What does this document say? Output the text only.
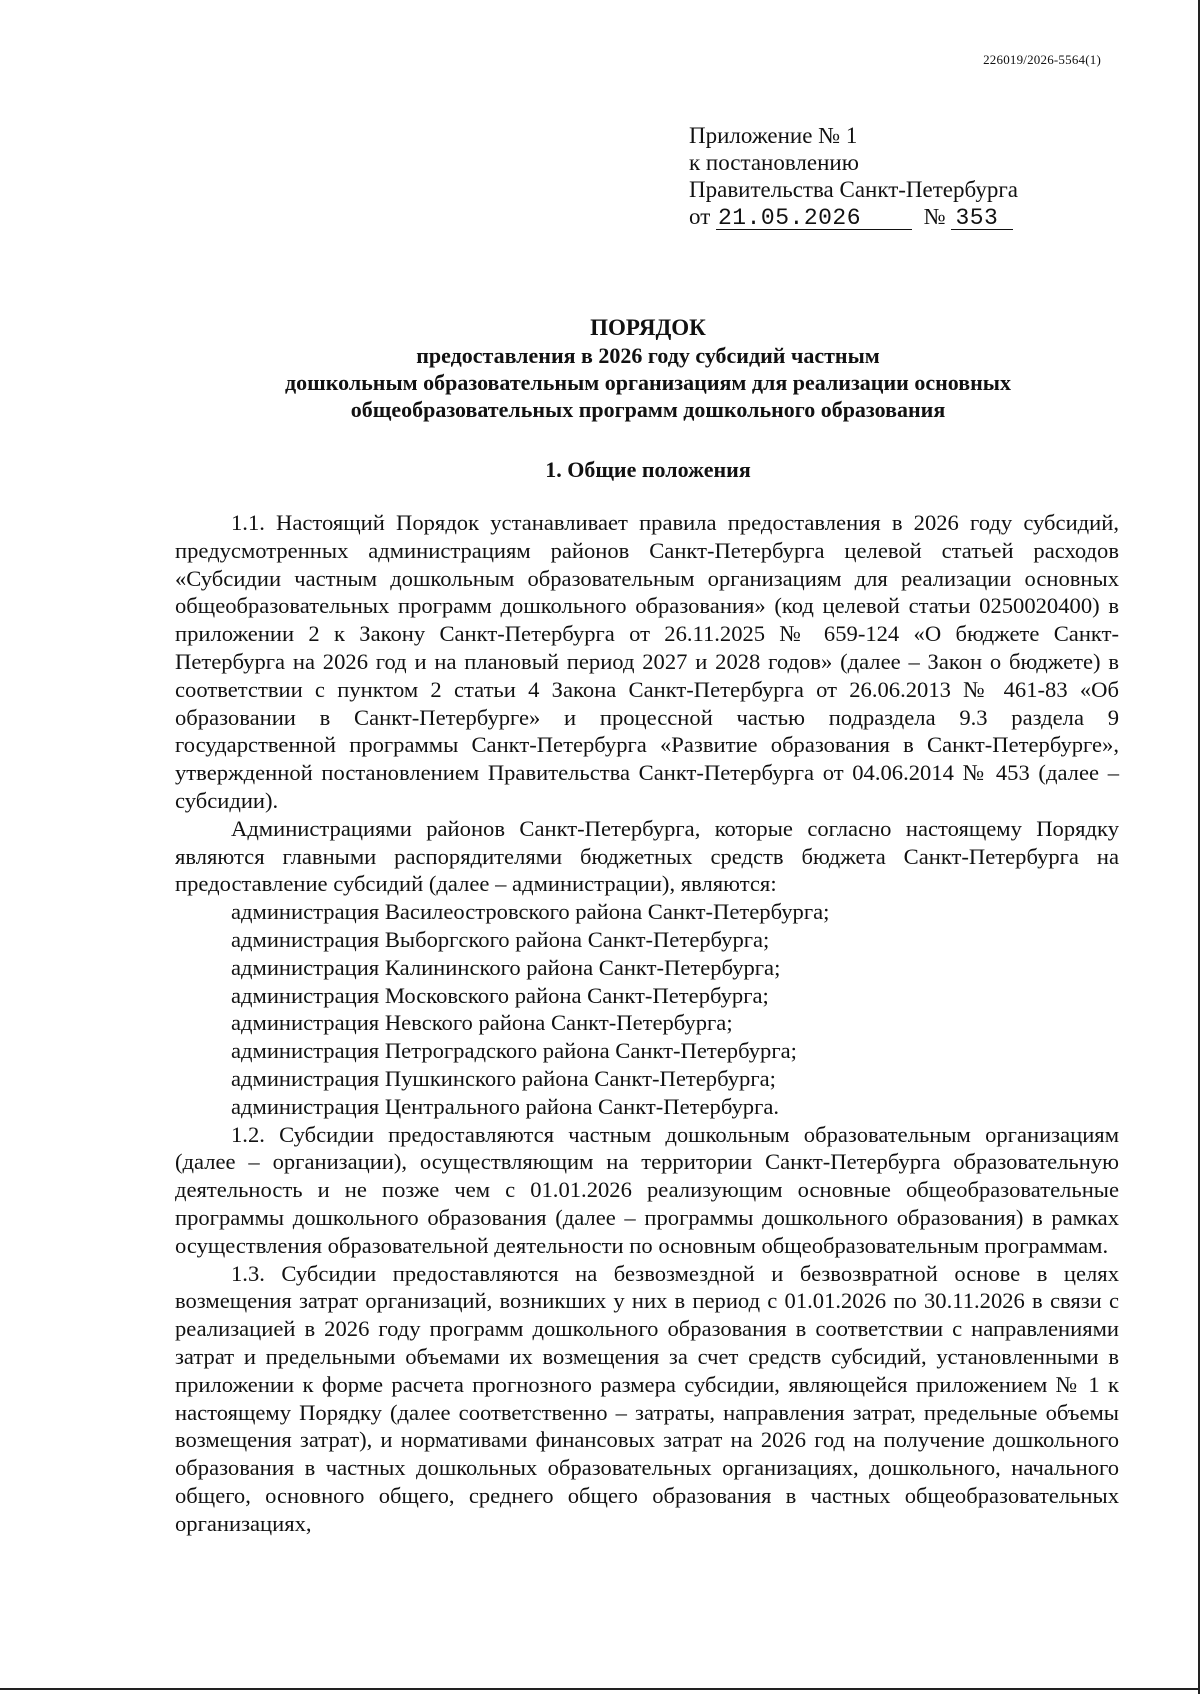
226019/2026-5564(1)
Приложение № 1
к постановлению
Правительства Санкт-Петербурга
от 21.05.2026	№ 353
ПОРЯДОК
предоставления в 2026 году субсидий частным
дошкольным образовательным организациям для реализации основных
общеобразовательных программ дошкольного образования
1. Общие положения

1.1. Настоящий Порядок устанавливает правила предоставления в 2026 году субсидий, предусмотренных администрациям районов Санкт-Петербурга целевой статьей расходов «Субсидии частным дошкольным образовательным организациям для реализации основных общеобразовательных программ дошкольного образования» (код целевой статьи 0250020400) в приложении 2 к Закону Санкт-Петербурга от 26.11.2025 № 659-124 «О бюджете Санкт-Петербурга на 2026 год и на плановый период 2027 и 2028 годов» (далее – Закон о бюджете) в соответствии с пунктом 2 статьи 4 Закона Санкт-Петербурга от 26.06.2013 № 461-83 «Об образовании в Санкт-Петербурге» и процессной частью подраздела 9.3 раздела 9 государственной программы Санкт-Петербурга «Развитие образования в Санкт-Петербурге», утвержденной постановлением Правительства Санкт-Петербурга от 04.06.2014 № 453 (далее – субсидии).

Администрациями районов Санкт-Петербурга, которые согласно настоящему Порядку являются главными распорядителями бюджетных средств бюджета Санкт-Петербурга на предоставление субсидий (далее – администрации), являются:

администрация Василеостровского района Санкт-Петербурга;
администрация Выборгского района Санкт-Петербурга;
администрация Калининского района Санкт-Петербурга;
администрация Московского района Санкт-Петербурга;
администрация Невского района Санкт-Петербурга;
администрация Петроградского района Санкт-Петербурга;
администрация Пушкинского района Санкт-Петербурга;
администрация Центрального района Санкт-Петербурга.

1.2. Субсидии предоставляются частным дошкольным образовательным организациям (далее – организации), осуществляющим на территории Санкт-Петербурга образовательную деятельность и не позже чем с 01.01.2026 реализующим основные общеобразовательные программы дошкольного образования (далее – программы дошкольного образования) в рамках осуществления образовательной деятельности по основным общеобразовательным программам.

1.3. Субсидии предоставляются на безвозмездной и безвозвратной основе в целях возмещения затрат организаций, возникших у них в период с 01.01.2026 по 30.11.2026 в связи с реализацией в 2026 году программ дошкольного образования в соответствии с направлениями затрат и предельными объемами их возмещения за счет средств субсидий, установленными в приложении к форме расчета прогнозного размера субсидии, являющейся приложением № 1 к настоящему Порядку (далее соответственно – затраты, направления затрат, предельные объемы возмещения затрат), и нормативами финансовых затрат на 2026 год на получение дошкольного образования в частных дошкольных образовательных организациях, дошкольного, начального общего, основного общего, среднего общего образования в частных общеобразовательных организациях,
